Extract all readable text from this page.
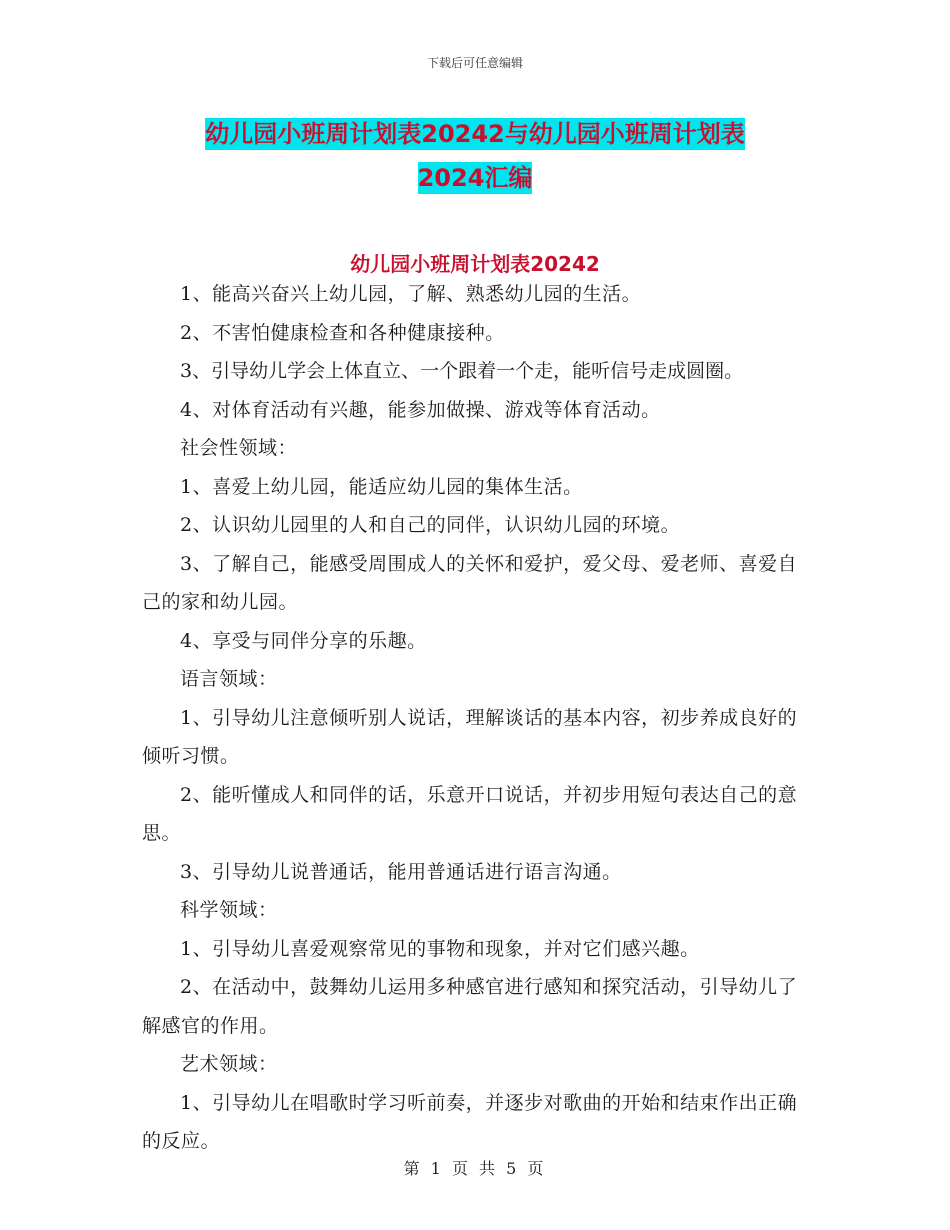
下载后可任意编辑
幼儿园小班周计划表20242与幼儿园小班周计划表
2024汇编
幼儿园小班周计划表20242

1、能高兴奋兴上幼儿园，了解、熟悉幼儿园的生活。

2、不害怕健康检查和各种健康接种。

3、引导幼儿学会上体直立、一个跟着一个走，能听信号走成圆圈。

4、对体育活动有兴趣，能参加做操、游戏等体育活动。

社会性领域：

1、喜爱上幼儿园，能适应幼儿园的集体生活。

2、认识幼儿园里的人和自己的同伴，认识幼儿园的环境。

3、了解自己，能感受周围成人的关怀和爱护，爱父母、爱老师、喜爱自己的家和幼儿园。

4、享受与同伴分享的乐趣。

语言领域：

1、引导幼儿注意倾听别人说话，理解谈话的基本内容，初步养成良好的倾听习惯。

2、能听懂成人和同伴的话，乐意开口说话，并初步用短句表达自己的意思。

3、引导幼儿说普通话，能用普通话进行语言沟通。

科学领域：

1、引导幼儿喜爱观察常见的事物和现象，并对它们感兴趣。

2、在活动中，鼓舞幼儿运用多种感官进行感知和探究活动，引导幼儿了解感官的作用。

艺术领域：

1、引导幼儿在唱歌时学习听前奏，并逐步对歌曲的开始和结束作出正确的反应。

第 1 页 共 5 页
